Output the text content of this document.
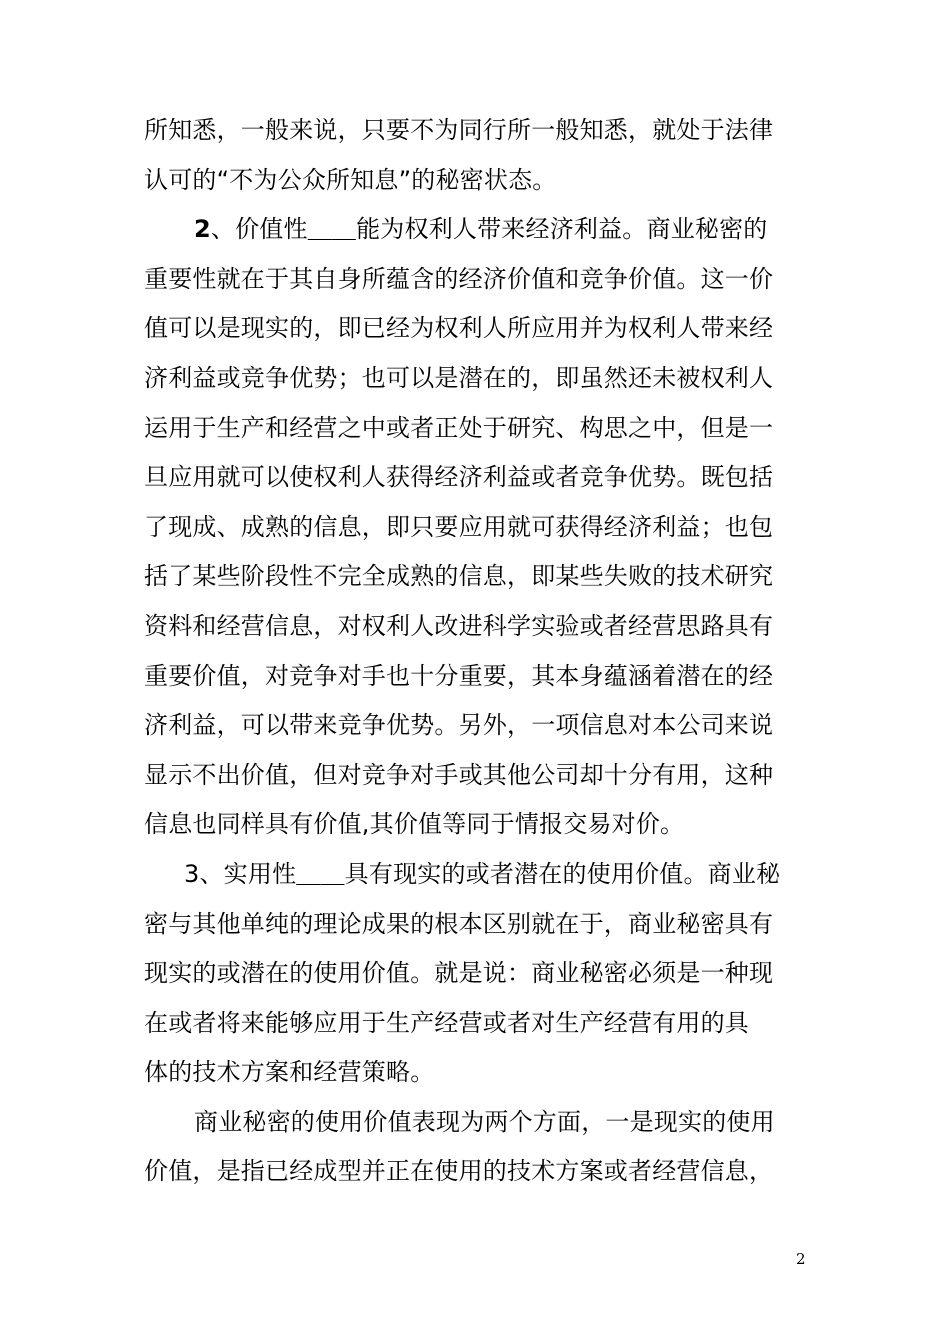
所知悉，一般来说，只要不为同行所一般知悉，就处于法律
认可的“不为公众所知息”的秘密状态。
2、价值性＿＿能为权利人带来经济利益。商业秘密的
重要性就在于其自身所蕴含的经济价值和竞争价值。这一价
值可以是现实的，即已经为权利人所应用并为权利人带来经
济利益或竞争优势；也可以是潜在的，即虽然还未被权利人
运用于生产和经营之中或者正处于研究、构思之中，但是一
旦应用就可以使权利人获得经济利益或者竞争优势。既包括
了现成、成熟的信息，即只要应用就可获得经济利益；也包
括了某些阶段性不完全成熟的信息，即某些失败的技术研究
资料和经营信息，对权利人改进科学实验或者经营思路具有
重要价值，对竞争对手也十分重要，其本身蕴涵着潜在的经
济利益，可以带来竞争优势。另外，一项信息对本公司来说
显示不出价值，但对竞争对手或其他公司却十分有用，这种
信息也同样具有价值,其价值等同于情报交易对价。
3、实用性＿＿具有现实的或者潜在的使用价值。商业秘
密与其他单纯的理论成果的根本区别就在于，商业秘密具有
现实的或潜在的使用价值。就是说：商业秘密必须是一种现
在或者将来能够应用于生产经营或者对生产经营有用的具
体的技术方案和经营策略。
商业秘密的使用价值表现为两个方面，一是现实的使用
价值，是指已经成型并正在使用的技术方案或者经营信息，
2
